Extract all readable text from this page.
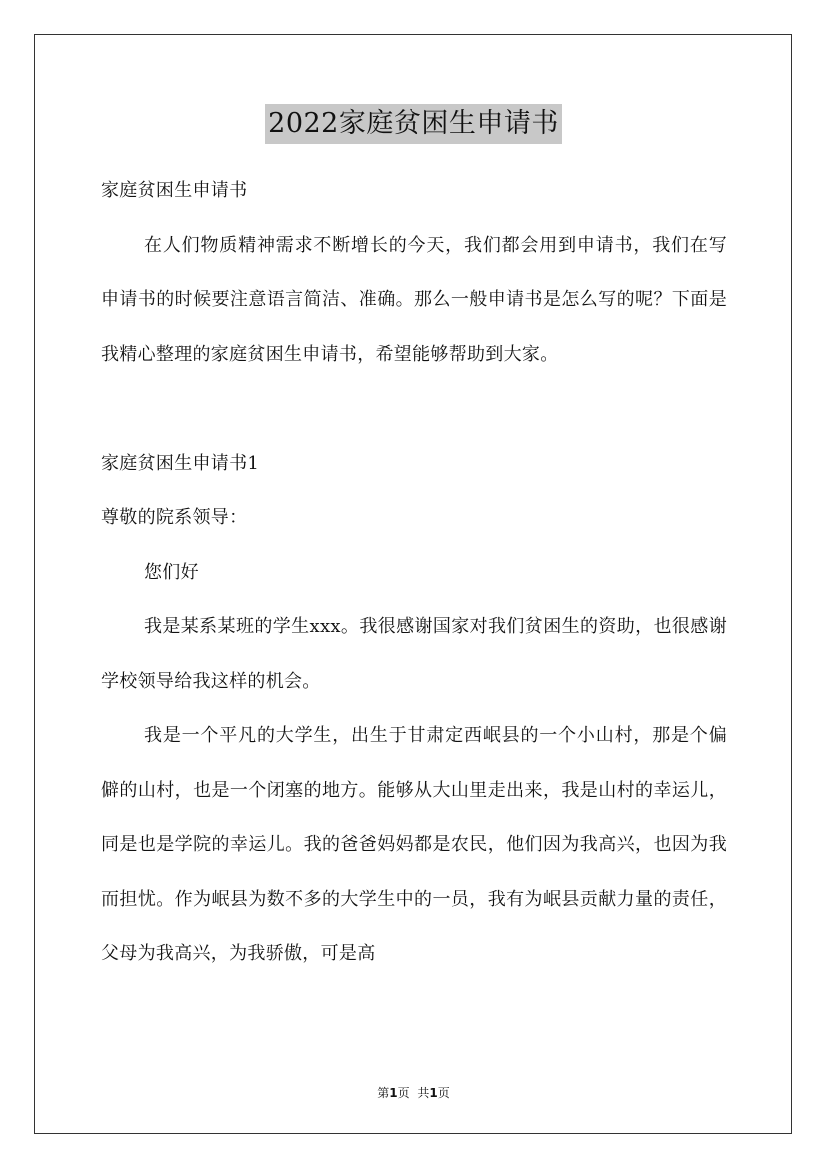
2022家庭贫困生申请书

家庭贫困生申请书

在人们物质精神需求不断增长的今天，我们都会用到申请书，我们在写申请书的时候要注意语言简洁、准确。那么一般申请书是怎么写的呢？下面是我精心整理的家庭贫困生申请书，希望能够帮助到大家。

家庭贫困生申请书1

尊敬的院系领导：

您们好

我是某系某班的学生xxx。我很感谢国家对我们贫困生的资助，也很感谢学校领导给我这样的机会。

我是一个平凡的大学生，出生于甘肃定西岷县的一个小山村，那是个偏僻的山村，也是一个闭塞的地方。能够从大山里走出来，我是山村的幸运儿，同是也是学院的幸运儿。我的爸爸妈妈都是农民，他们因为我高兴，也因为我而担忧。作为岷县为数不多的大学生中的一员，我有为岷县贡献力量的责任，父母为我高兴，为我骄傲，可是高

第1页 共1页
